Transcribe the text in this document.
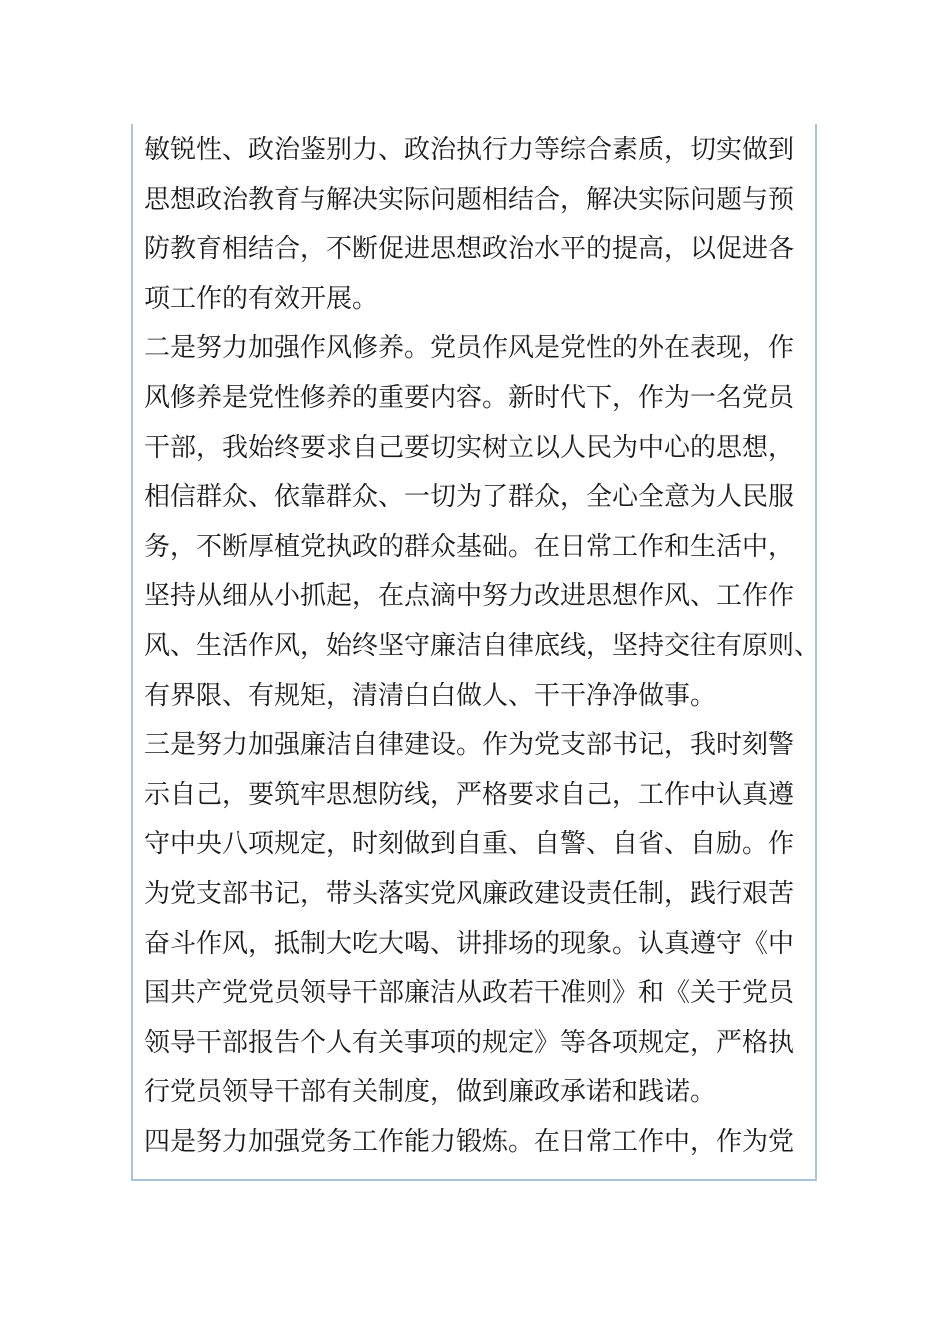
敏锐性、政治鉴别力、政治执行力等综合素质，切实做到
思想政治教育与解决实际问题相结合，解决实际问题与预
防教育相结合，不断促进思想政治水平的提高，以促进各
项工作的有效开展。
二是努力加强作风修养。党员作风是党性的外在表现，作
风修养是党性修养的重要内容。新时代下，作为一名党员
干部，我始终要求自己要切实树立以人民为中心的思想，
相信群众、依靠群众、一切为了群众，全心全意为人民服
务，不断厚植党执政的群众基础。在日常工作和生活中，
坚持从细从小抓起，在点滴中努力改进思想作风、工作作
风、生活作风，始终坚守廉洁自律底线，坚持交往有原则、
有界限、有规矩，清清白白做人、干干净净做事。
三是努力加强廉洁自律建设。作为党支部书记，我时刻警
示自己，要筑牢思想防线，严格要求自己，工作中认真遵
守中央八项规定，时刻做到自重、自警、自省、自励。作
为党支部书记，带头落实党风廉政建设责任制，践行艰苦
奋斗作风，抵制大吃大喝、讲排场的现象。认真遵守《中
国共产党党员领导干部廉洁从政若干准则》和《关于党员
领导干部报告个人有关事项的规定》等各项规定，严格执
行党员领导干部有关制度，做到廉政承诺和践诺。
四是努力加强党务工作能力锻炼。在日常工作中，作为党
